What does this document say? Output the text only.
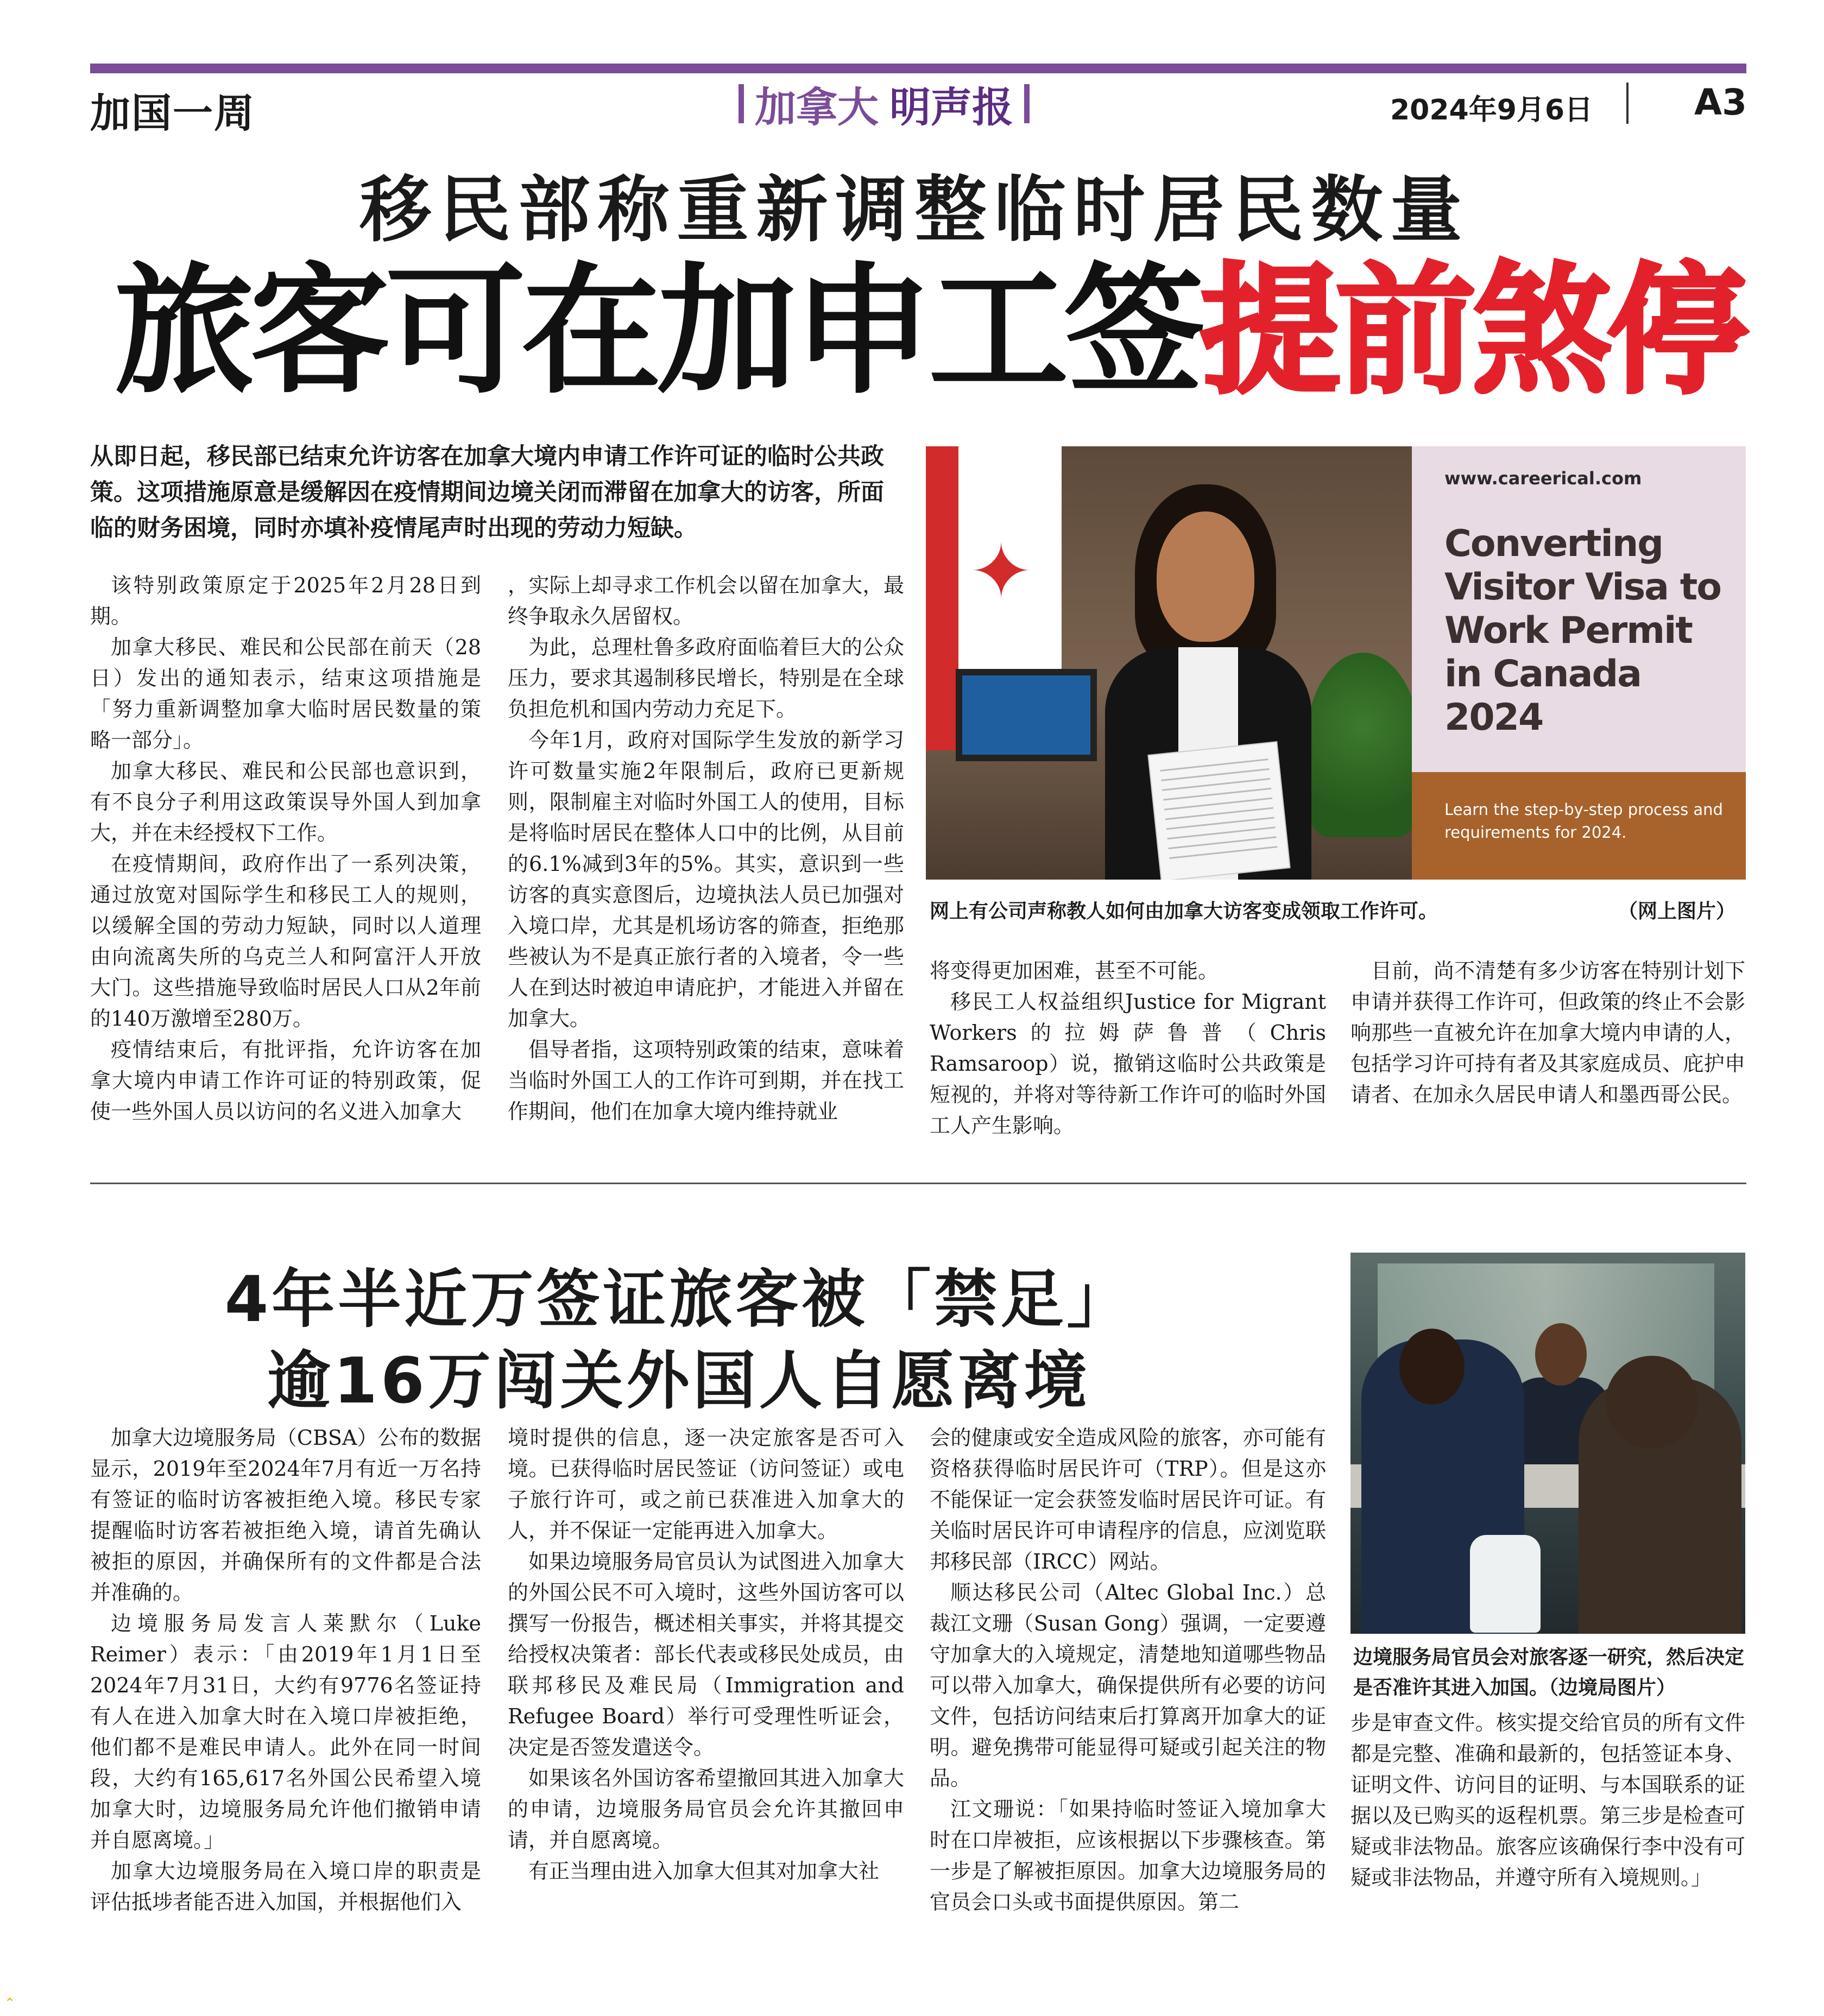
加国一周	加拿大 明声报	2024年9月6日	A3
移民部称重新调整临时居民数量
旅客可在加申工签提前煞停
从即日起，移民部已结束允许访客在加拿大境内申请工作许可证的临时公共政策。这项措施原意是缓解因在疫情期间边境关闭而滞留在加拿大的访客，所面临的财务困境，同时亦填补疫情尾声时出现的劳动力短缺。

该特别政策原定于2025年2月28日到期。

加拿大移民、难民和公民部在前天（28日）发出的通知表示，结束这项措施是「努力重新调整加拿大临时居民数量的策略一部分」。

加拿大移民、难民和公民部也意识到，有不良分子利用这政策误导外国人到加拿大，并在未经授权下工作。

在疫情期间，政府作出了一系列决策，通过放宽对国际学生和移民工人的规则，以缓解全国的劳动力短缺，同时以人道理由向流离失所的乌克兰人和阿富汗人开放大门。这些措施导致临时居民人口从2年前的140万激增至280万。

疫情结束后，有批评指，允许访客在加拿大境内申请工作许可证的特别政策，促使一些外国人员以访问的名义进入加拿大

，实际上却寻求工作机会以留在加拿大，最终争取永久居留权。

为此，总理杜鲁多政府面临着巨大的公众压力，要求其遏制移民增长，特别是在全球负担危机和国内劳动力充足下。

今年1月，政府对国际学生发放的新学习许可数量实施2年限制后，政府已更新规则，限制雇主对临时外国工人的使用，目标是将临时居民在整体人口中的比例，从目前的6.1%减到3年的5%。其实，意识到一些访客的真实意图后，边境执法人员已加强对入境口岸，尤其是机场访客的筛查，拒绝那些被认为不是真正旅行者的入境者，令一些人在到达时被迫申请庇护，才能进入并留在加拿大。

倡导者指，这项特别政策的结束，意味着当临时外国工人的工作许可到期，并在找工作期间，他们在加拿大境内维持就业

✦
www.careerical.com
Converting Visitor Visa to Work Permit in Canada 2024
Learn the step-by-step process and requirements for 2024.
网上有公司声称教人如何由加拿大访客变成领取工作许可。	（网上图片）

将变得更加困难，甚至不可能。

移民工人权益组织Justice for Migrant Workers的拉姆萨鲁普（Chris Ramsaroop）说，撤销这临时公共政策是短视的，并将对等待新工作许可的临时外国工人产生影响。

目前，尚不清楚有多少访客在特别计划下申请并获得工作许可，但政策的终止不会影响那些一直被允许在加拿大境内申请的人，包括学习许可持有者及其家庭成员、庇护申请者、在加永久居民申请人和墨西哥公民。

4年半近万签证旅客被「禁足」
逾16万闯关外国人自愿离境

加拿大边境服务局（CBSA）公布的数据显示，2019年至2024年7月有近一万名持有签证的临时访客被拒绝入境。移民专家提醒临时访客若被拒绝入境，请首先确认被拒的原因，并确保所有的文件都是合法并准确的。

边境服务局发言人莱默尔（Luke Reimer）表示：「由2019年1月1日至2024年7月31日，大约有9776名签证持有人在进入加拿大时在入境口岸被拒绝，他们都不是难民申请人。此外在同一时间段，大约有165,617名外国公民希望入境加拿大时，边境服务局允许他们撤销申请并自愿离境。」

加拿大边境服务局在入境口岸的职责是评估抵埗者能否进入加国，并根据他们入

境时提供的信息，逐一决定旅客是否可入境。已获得临时居民签证（访问签证）或电子旅行许可，或之前已获准进入加拿大的人，并不保证一定能再进入加拿大。

如果边境服务局官员认为试图进入加拿大的外国公民不可入境时，这些外国访客可以撰写一份报告，概述相关事实，并将其提交给授权决策者：部长代表或移民处成员，由联邦移民及难民局（Immigration and Refugee Board）举行可受理性听证会，决定是否签发遣送令。

如果该名外国访客希望撤回其进入加拿大的申请，边境服务局官员会允许其撤回申请，并自愿离境。

有正当理由进入加拿大但其对加拿大社

会的健康或安全造成风险的旅客，亦可能有资格获得临时居民许可（TRP）。但是这亦不能保证一定会获签发临时居民许可证。有关临时居民许可申请程序的信息，应浏览联邦移民部（IRCC）网站。

顺达移民公司（Altec Global Inc.）总裁江文珊（Susan Gong）强调，一定要遵守加拿大的入境规定，清楚地知道哪些物品可以带入加拿大，确保提供所有必要的访问文件，包括访问结束后打算离开加拿大的证明。避免携带可能显得可疑或引起关注的物品。

江文珊说：「如果持临时签证入境加拿大时在口岸被拒，应该根据以下步骤核查。第一步是了解被拒原因。加拿大边境服务局的官员会口头或书面提供原因。第二

边境服务局官员会对旅客逐一研究，然后决定是否准许其进入加国。（边境局图片）

步是审查文件。核实提交给官员的所有文件都是完整、准确和最新的，包括签证本身、证明文件、访问目的证明、与本国联系的证据以及已购买的返程机票。第三步是检查可疑或非法物品。旅客应该确保行李中没有可疑或非法物品，并遵守所有入境规则。」

⌃
